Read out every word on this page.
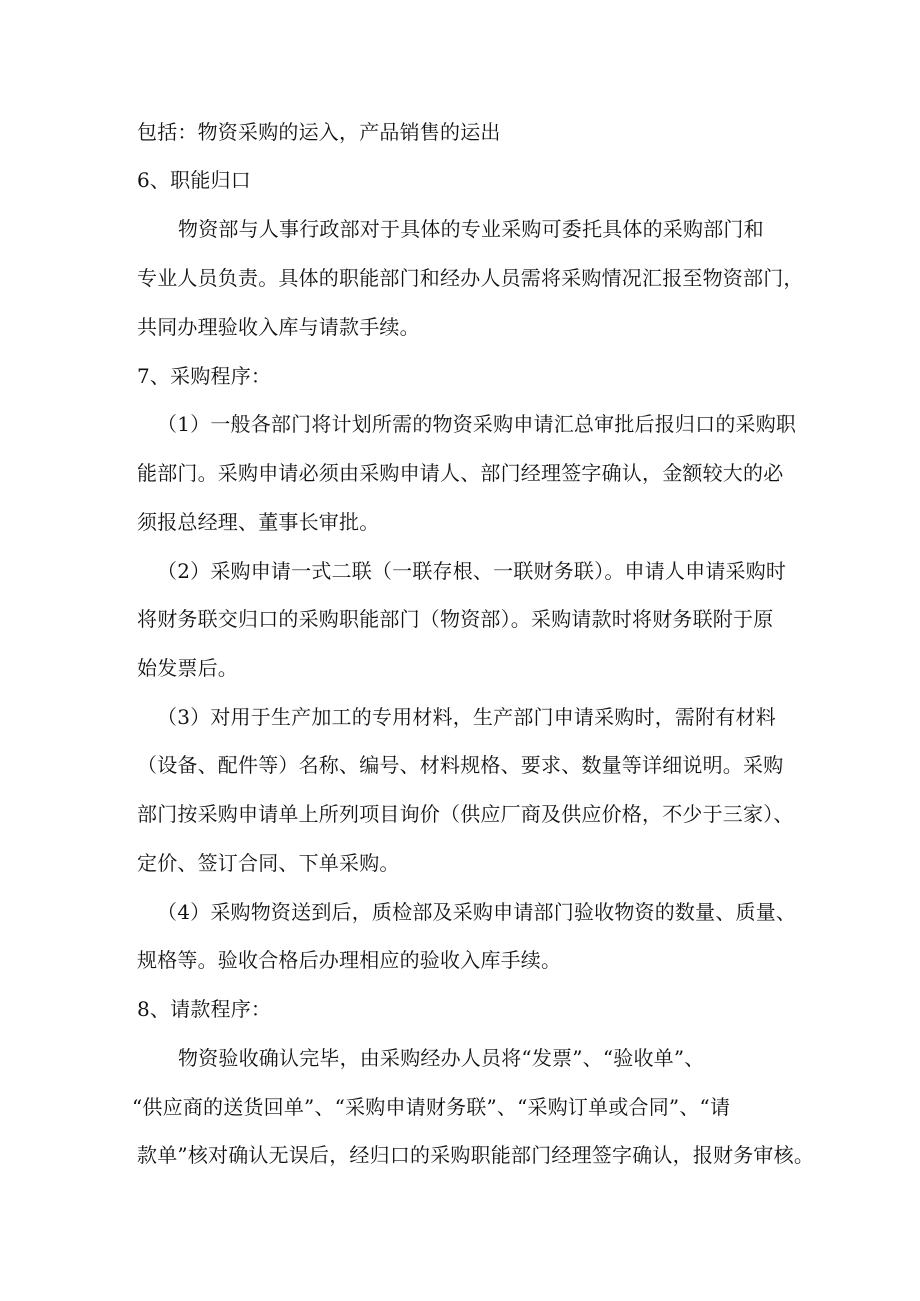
包括：物资采购的运入，产品销售的运出
6、职能归口
物资部与人事行政部对于具体的专业采购可委托具体的采购部门和
专业人员负责。具体的职能部门和经办人员需将采购情况汇报至物资部门，
共同办理验收入库与请款手续。
7、采购程序：
（1）一般各部门将计划所需的物资采购申请汇总审批后报归口的采购职
能部门。采购申请必须由采购申请人、部门经理签字确认，金额较大的必
须报总经理、董事长审批。
（2）采购申请一式二联（一联存根、一联财务联）。申请人申请采购时
将财务联交归口的采购职能部门（物资部）。采购请款时将财务联附于原
始发票后。
（3）对用于生产加工的专用材料，生产部门申请采购时，需附有材料
（设备、配件等）名称、编号、材料规格、要求、数量等详细说明。采购
部门按采购申请单上所列项目询价（供应厂商及供应价格，不少于三家）、
定价、签订合同、下单采购。
（4）采购物资送到后，质检部及采购申请部门验收物资的数量、质量、
规格等。验收合格后办理相应的验收入库手续。
8、请款程序：
物资验收确认完毕，由采购经办人员将“发票”、“验收单”、
“供应商的送货回单”、“采购申请财务联”、“采购订单或合同”、“请
款单”核对确认无误后，经归口的采购职能部门经理签字确认，报财务审核。
